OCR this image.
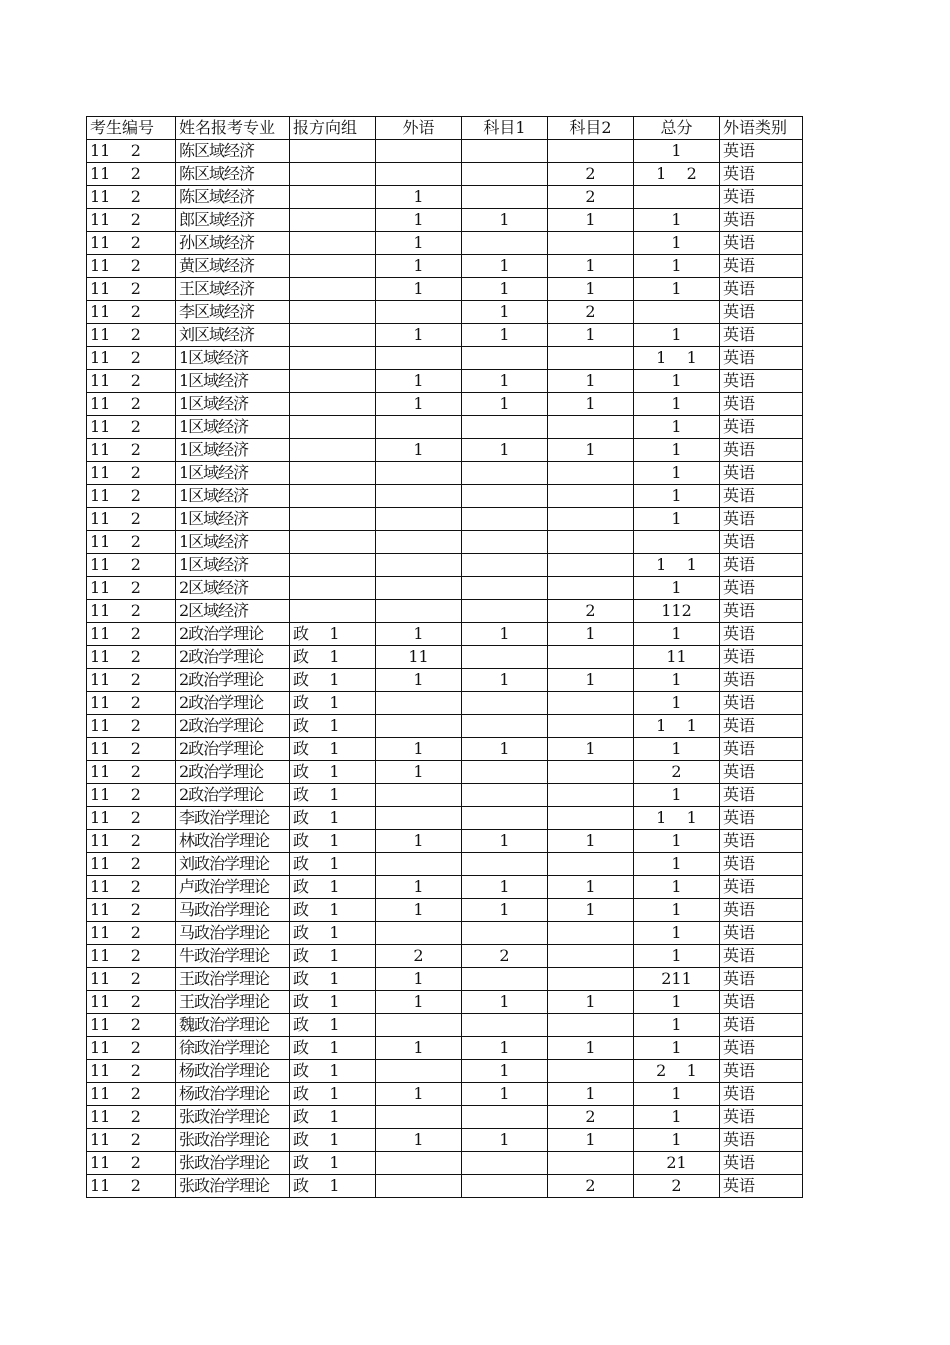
考生编号	姓名报考专业	报方向组	外语	科目1	科目2	总分	外语类别
11    2	陈区域经济					1	英语
11    2	陈区域经济				2	1    2	英语
11    2	陈区域经济		1		2		英语
11    2	郎区域经济		1	1	1	1	英语
11    2	孙区域经济		1			1	英语
11    2	黄区域经济		1	1	1	1	英语
11    2	王区域经济		1	1	1	1	英语
11    2	李区域经济			1	2		英语
11    2	刘区域经济		1	1	1	1	英语
11    2	1区域经济					1    1	英语
11    2	1区域经济		1	1	1	1	英语
11    2	1区域经济		1	1	1	1	英语
11    2	1区域经济					1	英语
11    2	1区域经济		1	1	1	1	英语
11    2	1区域经济					1	英语
11    2	1区域经济					1	英语
11    2	1区域经济					1	英语
11    2	1区域经济						英语
11    2	1区域经济					1    1	英语
11    2	2区域经济					1	英语
11    2	2区域经济				2	112	英语
11    2	2政治学理论	政    1	1	1	1	1	英语
11    2	2政治学理论	政    1	11			11	英语
11    2	2政治学理论	政    1	1	1	1	1	英语
11    2	2政治学理论	政    1				1	英语
11    2	2政治学理论	政    1				1    1	英语
11    2	2政治学理论	政    1	1	1	1	1	英语
11    2	2政治学理论	政    1	1			2	英语
11    2	2政治学理论	政    1				1	英语
11    2	李政治学理论	政    1				1    1	英语
11    2	林政治学理论	政    1	1	1	1	1	英语
11    2	刘政治学理论	政    1				1	英语
11    2	卢政治学理论	政    1	1	1	1	1	英语
11    2	马政治学理论	政    1	1	1	1	1	英语
11    2	马政治学理论	政    1				1	英语
11    2	牛政治学理论	政    1	2	2		1	英语
11    2	王政治学理论	政    1	1			211	英语
11    2	王政治学理论	政    1	1	1	1	1	英语
11    2	魏政治学理论	政    1				1	英语
11    2	徐政治学理论	政    1	1	1	1	1	英语
11    2	杨政治学理论	政    1		1		2    1	英语
11    2	杨政治学理论	政    1	1	1	1	1	英语
11    2	张政治学理论	政    1			2	1	英语
11    2	张政治学理论	政    1	1	1	1	1	英语
11    2	张政治学理论	政    1				21	英语
11    2	张政治学理论	政    1			2	2	英语
